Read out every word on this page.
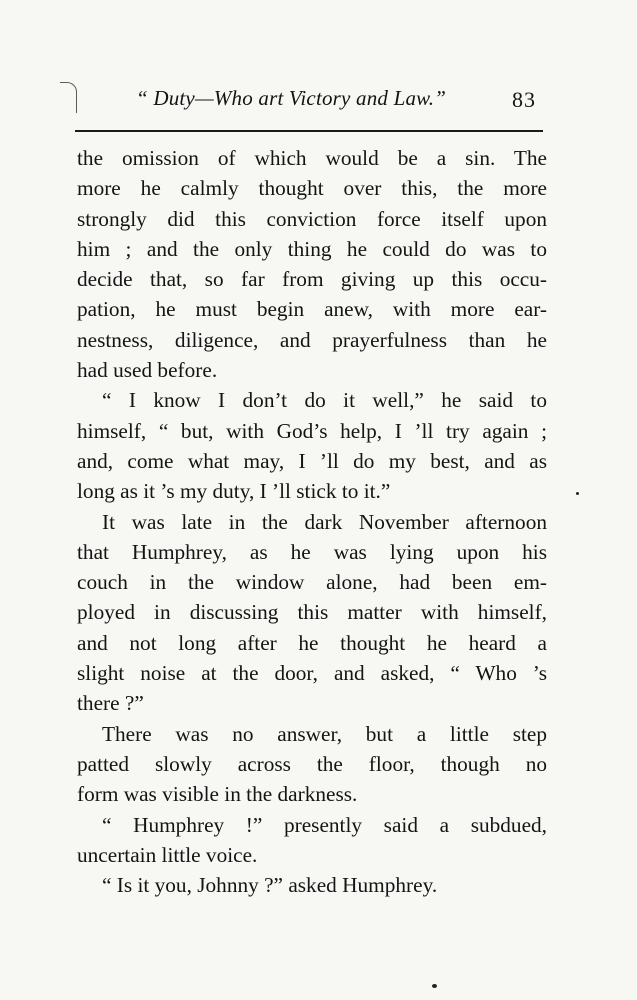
“ Duty—Who art Victory and Law.”	83
the omission of which would be a sin. The
more he calmly thought over this, the more
strongly did this conviction force itself upon
him ; and the only thing he could do was to
decide that, so far from giving up this occu-
pation, he must begin anew, with more ear-
nestness, diligence, and prayerfulness than he
had used before.
“ I know I don’t do it well,” he said to
himself, “ but, with God’s help, I ’ll try again ;
and, come what may, I ’ll do my best, and as
long as it ’s my duty, I ’ll stick to it.”
It was late in the dark November afternoon
that Humphrey, as he was lying upon his
couch in the window alone, had been em-
ployed in discussing this matter with himself,
and not long after he thought he heard a
slight noise at the door, and asked, “ Who ’s
there ?”
There was no answer, but a little step
patted slowly across the floor, though no
form was visible in the darkness.
“ Humphrey !” presently said a subdued,
uncertain little voice.
“ Is it you, Johnny ?” asked Humphrey.
